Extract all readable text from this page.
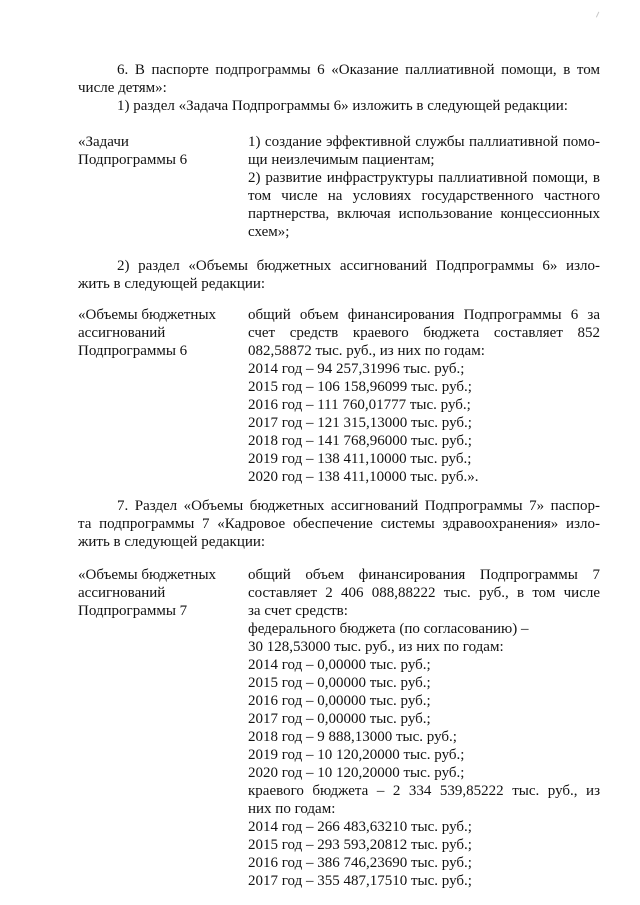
6. В паспорте подпрограммы 6 «Оказание паллиативной помощи, в том
числе детям»:
1) раздел «Задача Подпрограммы 6» изложить в следующей редакции:
«Задачи
Подпрограммы 6
1) создание эффективной службы паллиативной помо-
щи неизлечимым пациентам;
2) развитие инфраструктуры паллиативной помощи, в
том числе на условиях государственного частного
партнерства, включая использование концессионных
схем»;
2) раздел «Объемы бюджетных ассигнований Подпрограммы 6» изло-
жить в следующей редакции:
«Объемы бюджетных
ассигнований
Подпрограммы 6
общий объем финансирования Подпрограммы 6 за
счет средств краевого бюджета составляет 852
082,58872 тыс. руб., из них по годам:
2014 год – 94 257,31996 тыс. руб.;
2015 год – 106 158,96099 тыс. руб.;
2016 год – 111 760,01777 тыс. руб.;
2017 год – 121 315,13000 тыс. руб.;
2018 год – 141 768,96000 тыс. руб.;
2019 год – 138 411,10000 тыс. руб.;
2020 год – 138 411,10000 тыс. руб.».
7. Раздел «Объемы бюджетных ассигнований Подпрограммы 7» паспор-
та подпрограммы 7 «Кадровое обеспечение системы здравоохранения» изло-
жить в следующей редакции:
«Объемы бюджетных
ассигнований
Подпрограммы 7
общий объем финансирования Подпрограммы 7
составляет 2 406 088,88222 тыс. руб., в том числе
за счет средств:
федерального бюджета (по согласованию) –
30 128,53000 тыс. руб., из них по годам:
2014 год – 0,00000 тыс. руб.;
2015 год – 0,00000 тыс. руб.;
2016 год – 0,00000 тыс. руб.;
2017 год – 0,00000 тыс. руб.;
2018 год – 9 888,13000 тыс. руб.;
2019 год – 10 120,20000 тыс. руб.;
2020 год – 10 120,20000 тыс. руб.;
краевого бюджета – 2 334 539,85222 тыс. руб., из
них по годам:
2014 год – 266 483,63210 тыс. руб.;
2015 год – 293 593,20812 тыс. руб.;
2016 год – 386 746,23690 тыс. руб.;
2017 год – 355 487,17510 тыс. руб.;
